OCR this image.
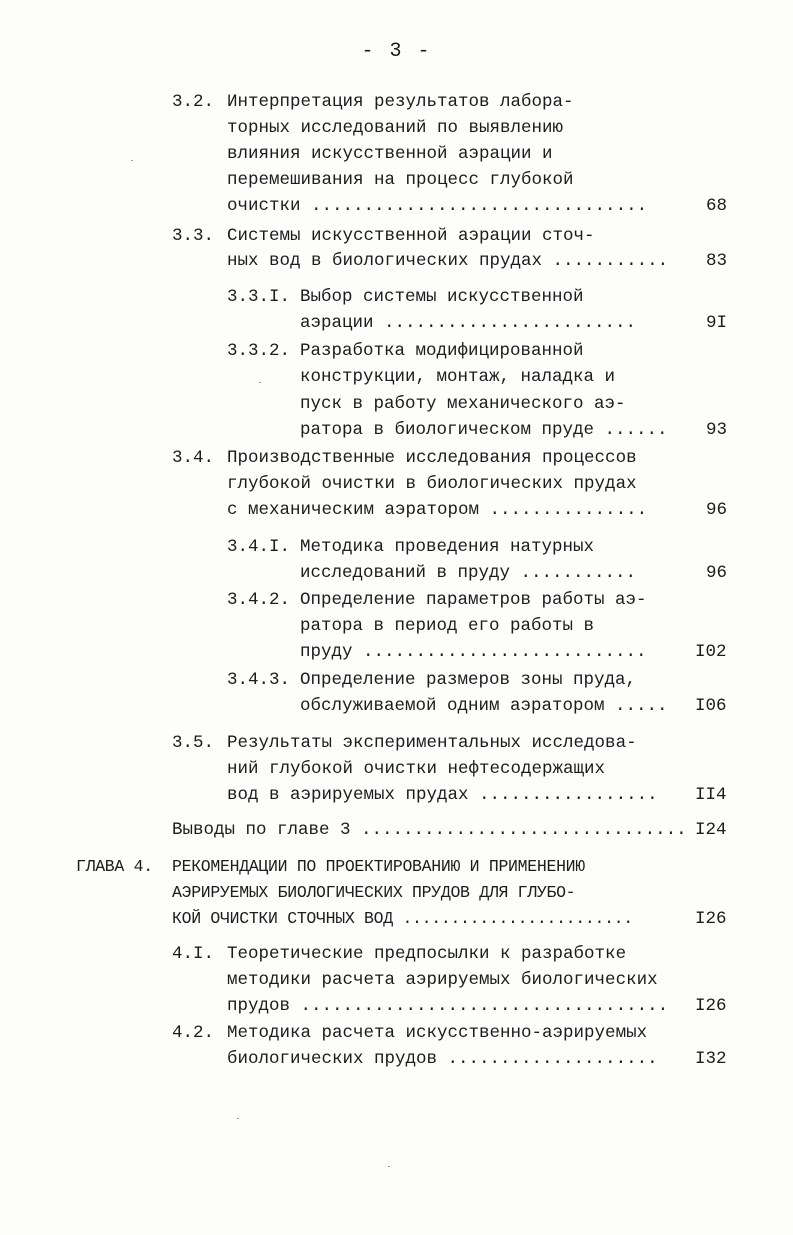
- 3 -
3.2. Интерпретация результатов лабора-
торных исследований по выявлению
влияния искусственной аэрации и
перемешивания на процесс глубокой
очистки ................................	68
3.3. Системы искусственной аэрации сточ-
ных вод в биологических прудах ........... 83
3.3.I. Выбор системы искусственной
аэрации ........................	9I
3.3.2. Разработка модифицированной
конструкции, монтаж, наладка и
пуск в работу механического аэ-
ратора в биологическом пруде ...... 93
3.4. Производственные исследования процессов
глубокой очистки в биологических прудах
с механическим аэратором ...............	96
3.4.I. Методика проведения натурных
исследований в пруду ...........	96
3.4.2. Определение параметров работы аэ-
ратора в период его работы в
пруду ...........................	I02
3.4.3. Определение размеров зоны пруда,
обслуживаемой одним аэратором ..... I06
3.5. Результаты экспериментальных исследова-
ний глубокой очистки нефтесодержащих
вод в аэрируемых прудах ................. II4
Выводы по главе 3 ............................... I24
ГЛАВА 4. РЕКОМЕНДАЦИИ ПО ПРОЕКТИРОВАНИЮ И ПРИМЕНЕНИЮ
АЭРИРУЕМЫХ БИОЛОГИЧЕСКИХ ПРУДОВ ДЛЯ ГЛУБО-
КОЙ ОЧИСТКИ СТОЧНЫХ ВОД ........................	I26
4.I. Теоретические предпосылки к разработке
методики расчета аэрируемых биологических
прудов ................................... I26
4.2. Методика расчета искусственно-аэрируемых
биологических прудов .................... I32
